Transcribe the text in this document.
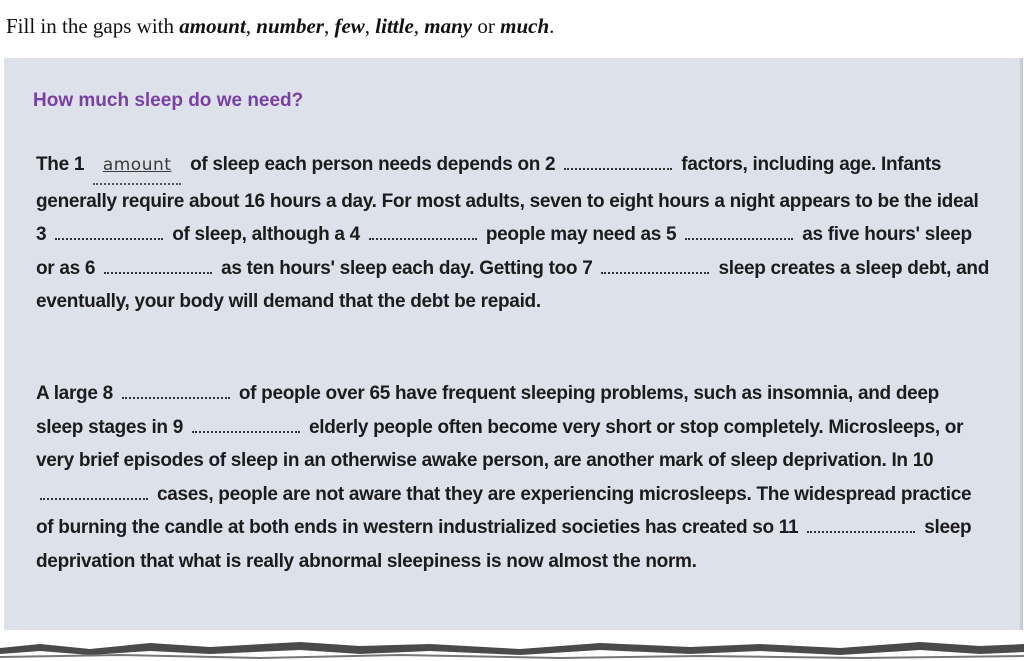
Fill in the gaps with amount, number, few, little, many or much.
How much sleep do we need?
The 1 amount of sleep each person needs depends on 2	factors, including age. Infants generally require about 16 hours a day. For most adults, seven to eight hours a night appears to be the ideal 3	of sleep, although a 4	people may need as 5	as five hours' sleep or as 6	as ten hours' sleep each day. Getting too 7	sleep creates a sleep debt, and eventually, your body will demand that the debt be repaid.
A large 8	of people over 65 have frequent sleeping problems, such as insomnia, and deep sleep stages in 9	elderly people often become very short or stop completely. Microsleeps, or very brief episodes of sleep in an otherwise awake person, are another mark of sleep deprivation. In 10  cases, people are not aware that they are experiencing microsleeps. The widespread practice of burning the candle at both ends in western industrialized societies has created so 11	sleep deprivation that what is really abnormal sleepiness is now almost the norm.
